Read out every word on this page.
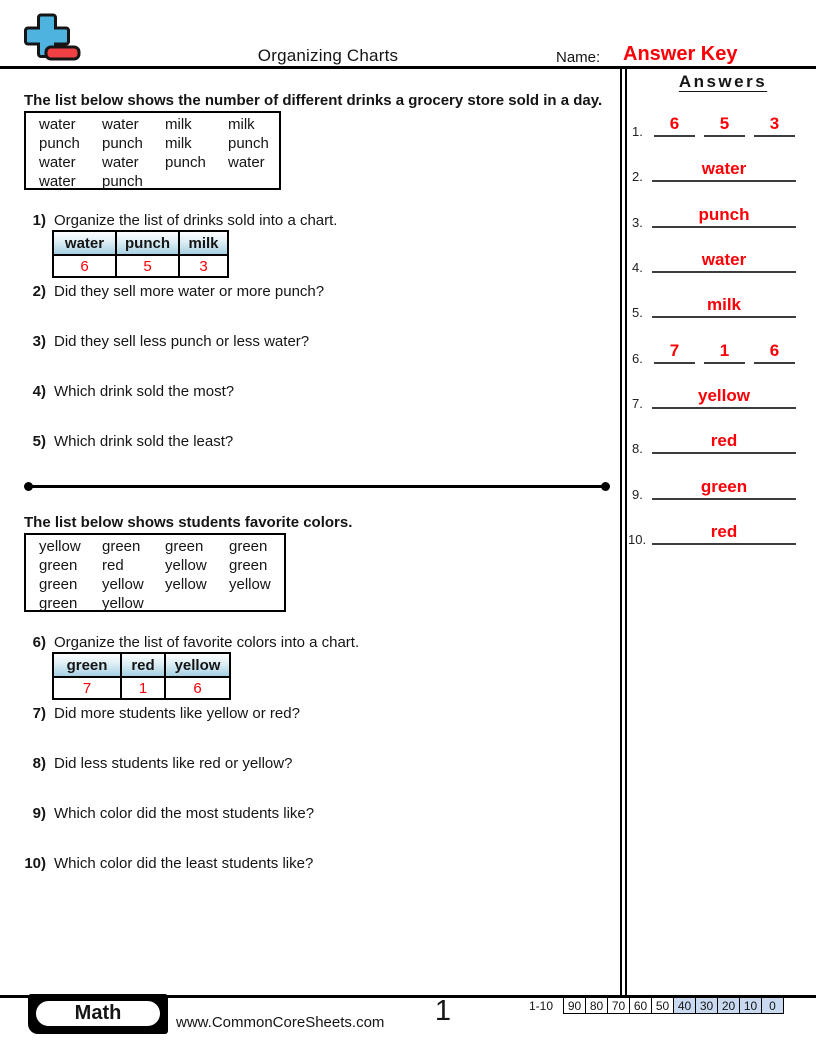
Organizing Charts	Name: Answer Key
Answers
1.	6	5	3
2.	water
3.	punch
4.	water
5.	milk
6.	7	1	6
7.	yellow
8.	red
9.	green
10.	red
The list below shows the number of different drinks a grocery store sold in a day.
water	water	milk	milk
punch	punch	milk	punch
water	water	punch	water
water	punch
1) Organize the list of drinks sold into a chart.
water	punch	milk
6	5	3
2) Did they sell more water or more punch?
3) Did they sell less punch or less water?
4) Which drink sold the most?
5) Which drink sold the least?
The list below shows students favorite colors.
yellow	green	green	green
green	red	yellow	green
green	yellow	yellow	yellow
green	yellow
6) Organize the list of favorite colors into a chart.
green	red	yellow
7	1	6
7) Did more students like yellow or red?
8) Did less students like red or yellow?
9) Which color did the most students like?
10) Which color did the least students like?
Math	www.CommonCoreSheets.com	1	1-10	90 80 70 60 50 40 30 20 10 0
